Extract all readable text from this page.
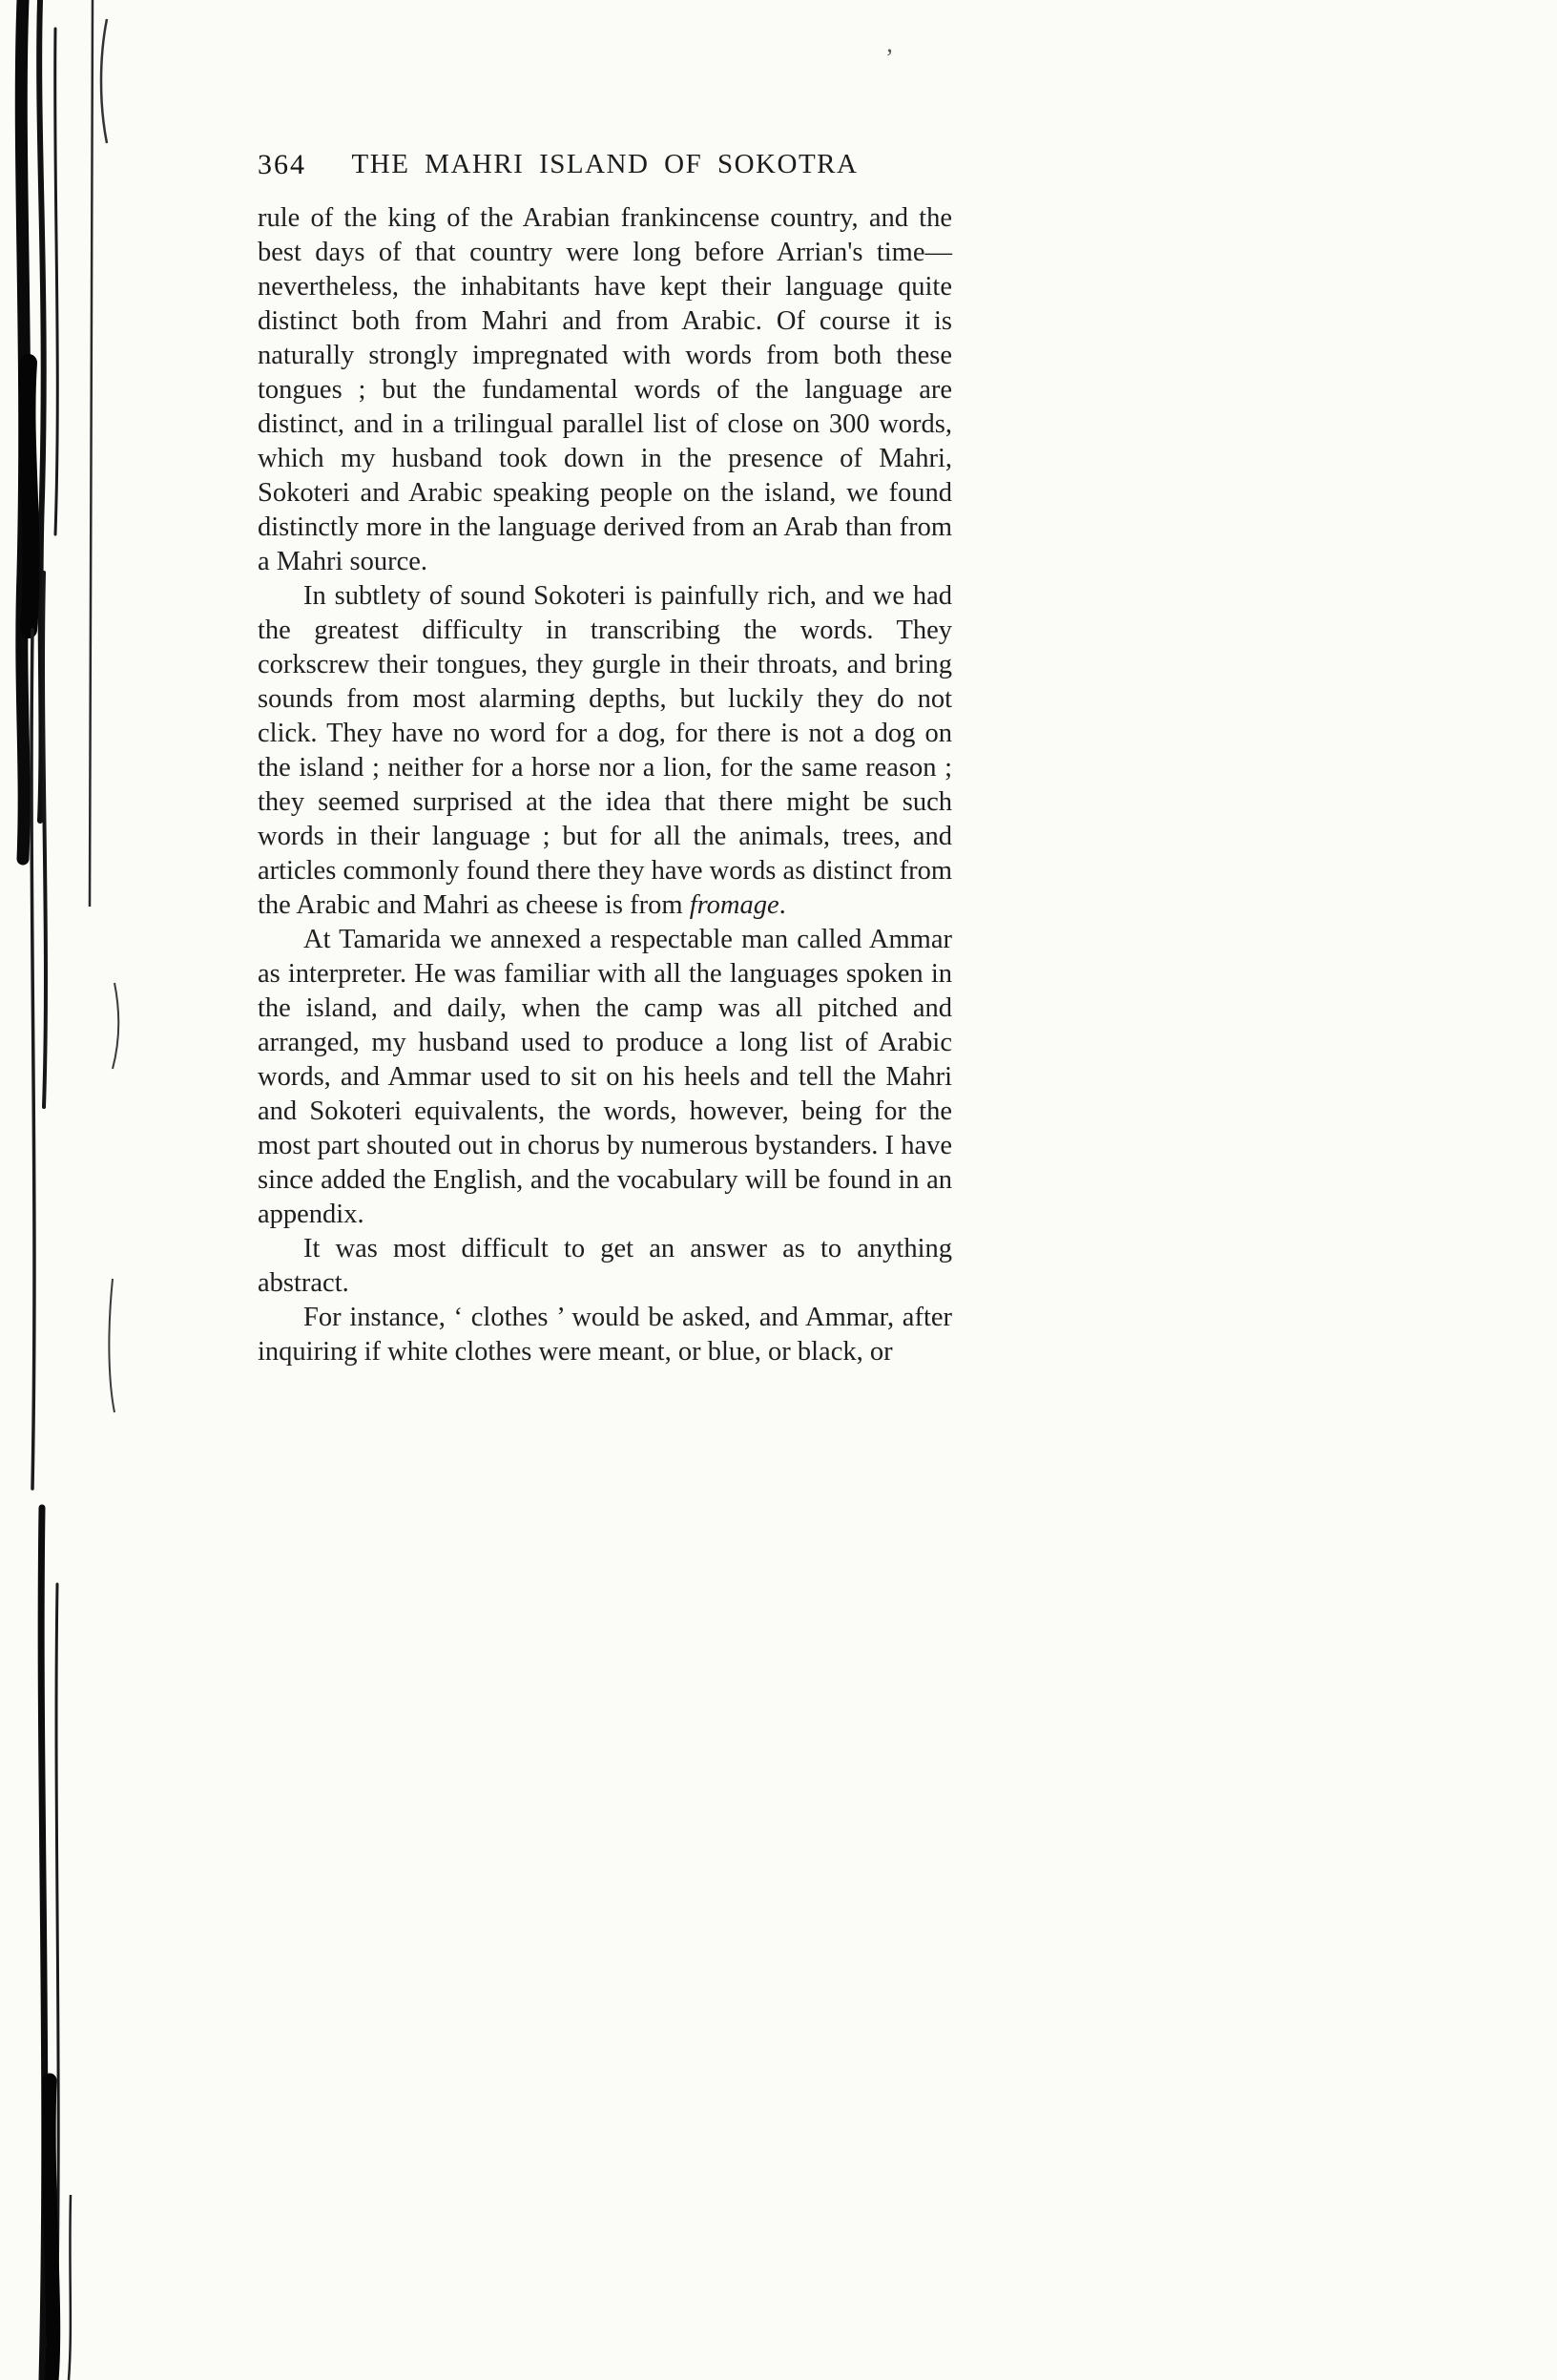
’
364	THE MAHRI ISLAND OF SOKOTRA

rule of the king of the Arabian frankincense country, and the best days of that country were long before Arrian's time—nevertheless, the inhabitants have kept their language quite distinct both from Mahri and from Arabic. Of course it is naturally strongly impregnated with words from both these tongues ; but the fundamental words of the language are distinct, and in a trilingual parallel list of close on 300 words, which my husband took down in the presence of Mahri, Sokoteri and Arabic speaking people on the island, we found distinctly more in the language derived from an Arab than from a Mahri source.

In subtlety of sound Sokoteri is painfully rich, and we had the greatest difficulty in transcribing the words. They corkscrew their tongues, they gurgle in their throats, and bring sounds from most alarming depths, but luckily they do not click. They have no word for a dog, for there is not a dog on the island ; neither for a horse nor a lion, for the same reason ; they seemed surprised at the idea that there might be such words in their language ; but for all the animals, trees, and articles commonly found there they have words as distinct from the Arabic and Mahri as cheese is from fromage.

At Tamarida we annexed a respectable man called Ammar as interpreter. He was familiar with all the languages spoken in the island, and daily, when the camp was all pitched and arranged, my husband used to produce a long list of Arabic words, and Ammar used to sit on his heels and tell the Mahri and Sokoteri equivalents, the words, however, being for the most part shouted out in chorus by numerous bystanders. I have since added the English, and the vocabulary will be found in an appendix.

It was most difficult to get an answer as to anything abstract.

For instance, ‘ clothes ’ would be asked, and Ammar, after inquiring if white clothes were meant, or blue, or black, or
